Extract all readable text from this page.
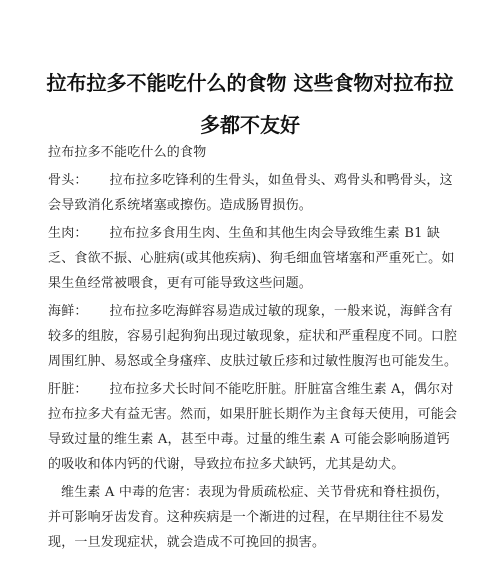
拉布拉多不能吃什么的食物 这些食物对拉布拉
多都不友好

拉布拉多不能吃什么的食物

骨头： 拉布拉多吃锋利的生骨头，如鱼骨头、鸡骨头和鸭骨头，这会导致消化系统堵塞或擦伤。造成肠胃损伤。

生肉： 拉布拉多食用生肉、生鱼和其他生肉会导致维生素 B1 缺乏、食欲不振、心脏病(或其他疾病)、狗毛细血管堵塞和严重死亡。如果生鱼经常被喂食，更有可能导致这些问题。

海鲜： 拉布拉多吃海鲜容易造成过敏的现象，一般来说，海鲜含有较多的组胺，容易引起狗狗出现过敏现象，症状和严重程度不同。口腔周围红肿、易怒或全身瘙痒、皮肤过敏丘疹和过敏性腹泻也可能发生。

肝脏： 拉布拉多犬长时间不能吃肝脏。肝脏富含维生素 A，偶尔对拉布拉多犬有益无害。然而，如果肝脏长期作为主食每天使用，可能会导致过量的维生素 A，甚至中毒。过量的维生素 A 可能会影响肠道钙的吸收和体内钙的代谢，导致拉布拉多犬缺钙，尤其是幼犬。

维生素 A 中毒的危害：表现为骨质疏松症、关节骨疣和脊柱损伤，并可影响牙齿发育。这种疾病是一个渐进的过程，在早期往往不易发现，一旦发现症状，就会造成不可挽回的损害。
